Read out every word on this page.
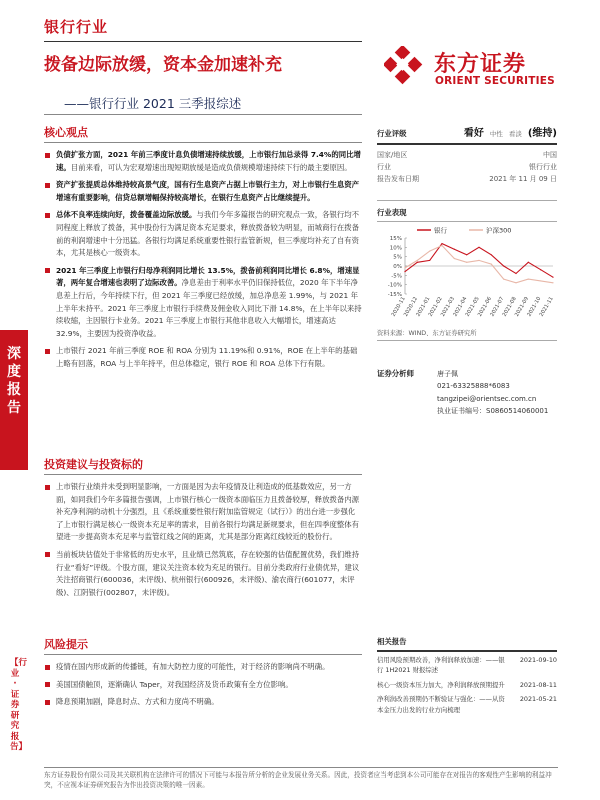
银行行业
东方证券
ORIENT SECURITIES
拨备边际放缓，资本金加速补充
——银行行业 2021 三季报综述
深度报告
【行业 · 证券研究报告】
核心观点
负债扩张方面，2021 年前三季度计息负债增速持续放缓，上市银行加总录得 7.4%的同比增速。目前来看，可认为宏观增速出现短期放缓是造成负债规模增速持续下行的最主要原因。
资产扩张提质总体维持较高景气度，国有行生息资产占据上市银行主力，对上市银行生息资产增速有重要影响，信贷总额增幅保持较高增长，在银行生息资产占比继续提升。
总体不良率连续向好，拨备覆盖边际放缓。与我们今年多篇报告的研究观点一致，各银行均不同程度上释放了拨备，其中股份行为满足资本充足要求，释放拨备较为明显，而城商行在拨备前的利润增速中十分迅猛。各银行均满足系统重要性银行监管新规，但三季度均补充了自有资本，尤其是核心一级资本。
2021 年三季度上市银行归母净利润同比增长 13.5%，拨备前利润同比增长 6.8%，增速显著，两年复合增速也表明了边际改善。净息差由于利率水平仍旧保持低位，2020 年下半年净息差上行后，今年持续下行，但 2021 年三季度已经放缓，加总净息差 1.99%，与 2021 年上半年未持平。2021 年三季度上市银行手续费及佣金收入同比下滑 14.8%，在上半年以来持续收缩，主因银行卡业务。2021 年三季度上市银行其他非息收入大幅增长，增速高达 32.9%，主要因为投资净收益。
上市银行 2021 年前三季度 ROE 和 ROA 分别为 11.19%和 0.91%，ROE 在上半年的基础上略有回落，ROA 与上半年持平，但总体稳定，银行 ROE 和 ROA 总体下行有限。
投资建议与投资标的
上市银行业绩并未受到明显影响，一方面是因为去年疫情及让利造成的低基数效应，另一方面，如同我们今年多篇报告强调，上市银行核心一级资本面临压力且拨备较厚，释放拨备内源补充净利润的动机十分强烈，且《系统重要性银行附加监管规定（试行）》的出台进一步强化了上市银行满足核心一级资本充足率的需求，目前各银行均满足新规要求，但在四季度整体有望进一步提高资本充足率与监管红线之间的距离，尤其是部分距离红线较近的股份行。
当前板块估值处于非常低的历史水平，且业绩已然筑底，存在较强的估值配置优势，我们维持行业“看好”评级。个股方面，建议关注资本较为充足的银行。目前分类政府行业债优异，建议关注招商银行(600036，未评级)、杭州银行(600926，未评级)、渝农商行(601077，未评级)、江阴银行(002807，未评级)。
风险提示
疫情在国内形成新的传播链，有加大防控力度的可能性，对于经济的影响尚不明确。
美国国债触顶，逐渐确认 Taper，对我国经济及货币政策有全方位影响。
降息预期加剧，降息时点、方式和力度尚不明确。
行业评级	看好 中性 看淡 (维持)
国家/地区	中国
行业	银行行业
报告发布日期	2021 年 11 月 09 日
行业表现
银行	沪深300
15%
10%
5%
0%
-5%
-10%
-15%
2020-11
2020-12
2021-01
2021-02
2021-03
2021-04
2021-05
2021-06
2021-07
2021-08
2021-09
2021-10
2021-11
资料来源：WIND、东方证券研究所
证券分析师	唐子佩
021-63325888*6083
tangzipei@orientsec.com.cn
执业证书编号：S0860514060001
相关报告
信用风险预期改善，净利润释放加速：——银行 1H2021 财报综述
2021-09-10
核心一级资本压力加大，净利润释放预期提升	2021-08-11
净利润改善预期仍不断验证与强化：——从资本金压力出发的行业方向梳理
2021-05-21
东方证券股份有限公司及其关联机构在法律许可的情况下可能与本报告所分析的企业发展业务关系。因此，投资者应当考虑到本公司可能存在对报告的客观性产生影响的利益冲突，不应视本证券研究报告为作出投资决策的唯一因素。
